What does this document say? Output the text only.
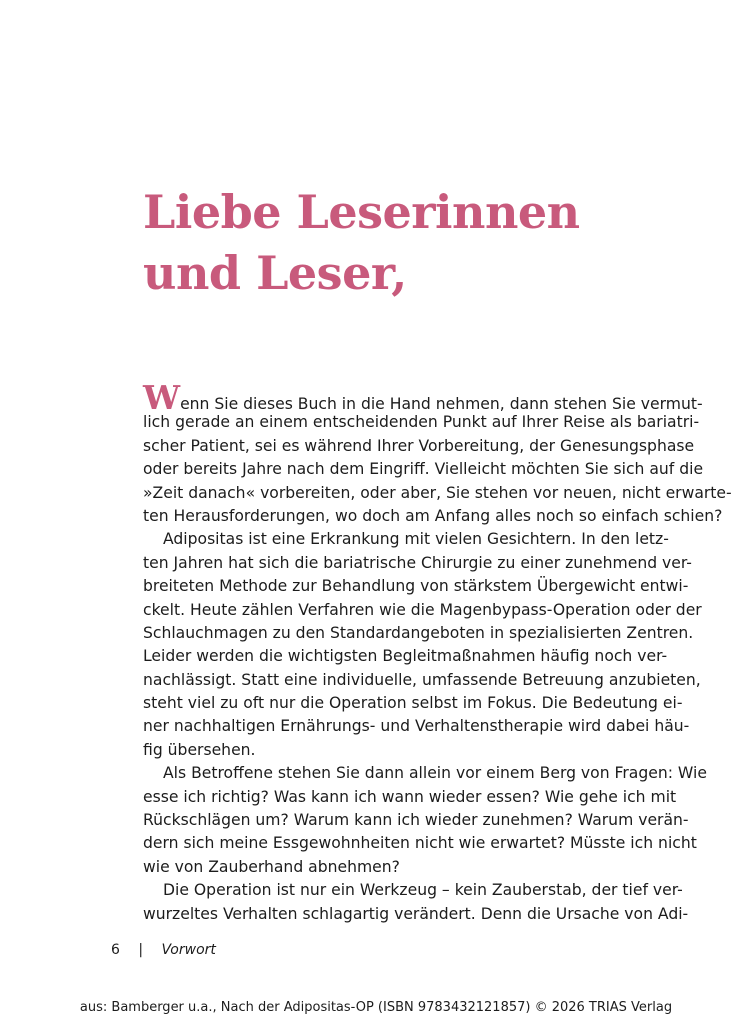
Liebe Leserinnen
und Leser,
Wenn Sie dieses Buch in die Hand nehmen, dann stehen Sie vermut-
lich gerade an einem entscheidenden Punkt auf Ihrer Reise als bariatri-
scher Patient, sei es während Ihrer Vorbereitung, der Genesungsphase
oder bereits Jahre nach dem Eingriff. Vielleicht möchten Sie sich auf die
»Zeit danach« vorbereiten, oder aber, Sie stehen vor neuen, nicht erwarte-
ten Herausforderungen, wo doch am Anfang alles noch so einfach schien?
Adipositas ist eine Erkrankung mit vielen Gesichtern. In den letz-
ten Jahren hat sich die bariatrische Chirurgie zu einer zunehmend ver-
breiteten Methode zur Behandlung von stärkstem Übergewicht entwi-
ckelt. Heute zählen Verfahren wie die Magenbypass-Operation oder der
Schlauchmagen zu den Standardangeboten in spezialisierten Zentren.
Leider werden die wichtigsten Begleitmaßnahmen häufig noch ver-
nachlässigt. Statt eine individuelle, umfassende Betreuung anzubieten,
steht viel zu oft nur die Operation selbst im Fokus. Die Bedeutung ei-
ner nachhaltigen Ernährungs- und Verhaltenstherapie wird dabei häu-
fig übersehen.
Als Betroffene stehen Sie dann allein vor einem Berg von Fragen: Wie
esse ich richtig? Was kann ich wann wieder essen? Wie gehe ich mit
Rückschlägen um? Warum kann ich wieder zunehmen? Warum verän-
dern sich meine Essgewohnheiten nicht wie erwartet? Müsste ich nicht
wie von Zauberhand abnehmen?
Die Operation ist nur ein Werkzeug – kein Zauberstab, der tief ver-
wurzeltes Verhalten schlagartig verändert. Denn die Ursache von Adi-
6 | Vorwort
aus: Bamberger u.a., Nach der Adipositas-OP (ISBN 9783432121857) © 2026 TRIAS Verlag
